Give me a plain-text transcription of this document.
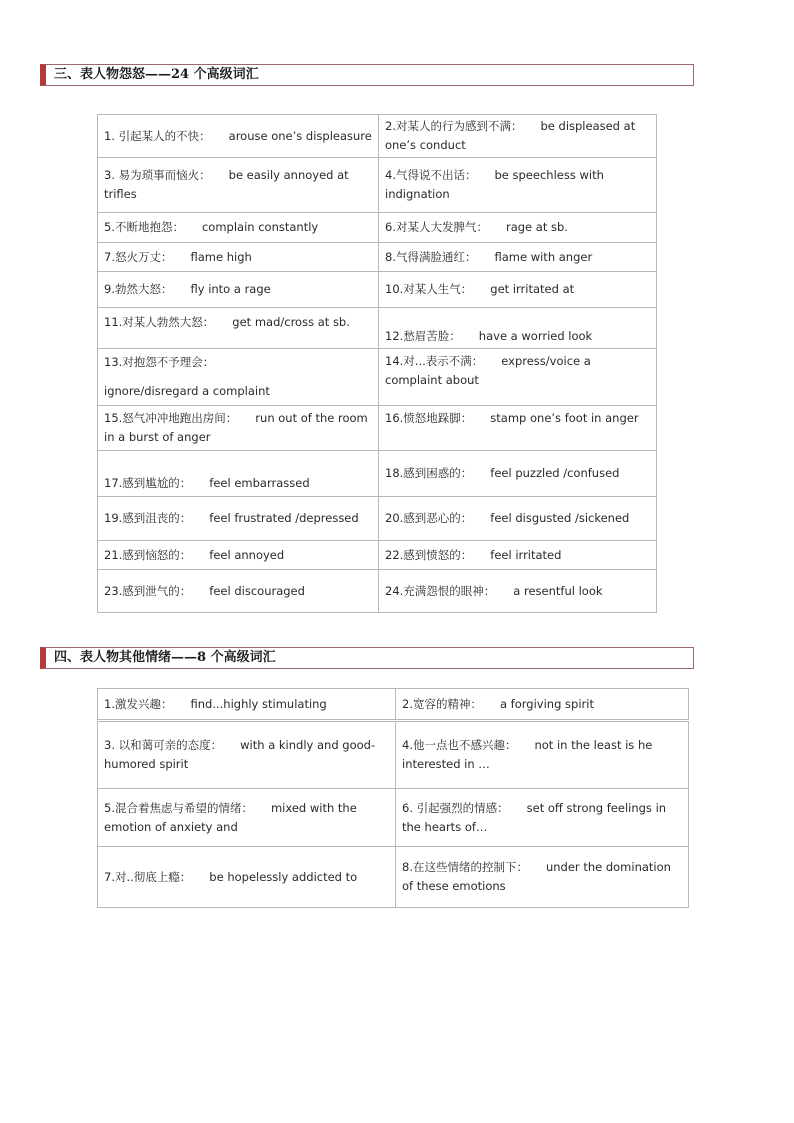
三、表人物怨怒——24 个高级词汇
1. 引起某人的不快： arouse one’s displeasure	2.对某人的行为感到不满： be displeased at one’s conduct
3. 易为琐事而恼火： be easily annoyed at trifles	4.气得说不出话： be speechless with indignation
5.不断地抱怨： complain constantly	6.对某人大发脾气： rage at sb.
7.怒火万丈： flame high	8.气得满脸通红： flame with anger
9.勃然大怒： fly into a rage	10.对某人生气： get irritated at
11.对某人勃然大怒： get mad/cross at sb.	12.愁眉苦脸： have a worried look

13.对抱怨不予理会：
ignore/disregard a complaint	14.对...表示不满： express/voice a complaint about
15.怒气冲冲地跑出房间： run out of the room in a burst of anger	16.愤怒地跺脚： stamp one’s foot in anger
17.感到尴尬的： feel embarrassed	18.感到困惑的： feel puzzled /confused
19.感到沮丧的： feel frustrated /depressed	20.感到恶心的： feel disgusted /sickened
21.感到恼怒的： feel annoyed	22.感到愤怒的： feel irritated
23.感到泄气的： feel discouraged	24.充满怨恨的眼神： a resentful look
四、表人物其他情绪——8 个高级词汇
1.激发兴趣： find...highly stimulating	2.宽容的精神： a forgiving spirit
3. 以和蔼可亲的态度： with a kindly and good-humored spirit	4.他一点也不感兴趣： not in the least is he interested in …
5.混合着焦虑与希望的情绪： mixed with the emotion of anxiety and	6. 引起强烈的情感： set off strong feelings in the hearts of…
7.对..彻底上瘾： be hopelessly addicted to	8.在这些情绪的控制下： under the domination of these emotions
